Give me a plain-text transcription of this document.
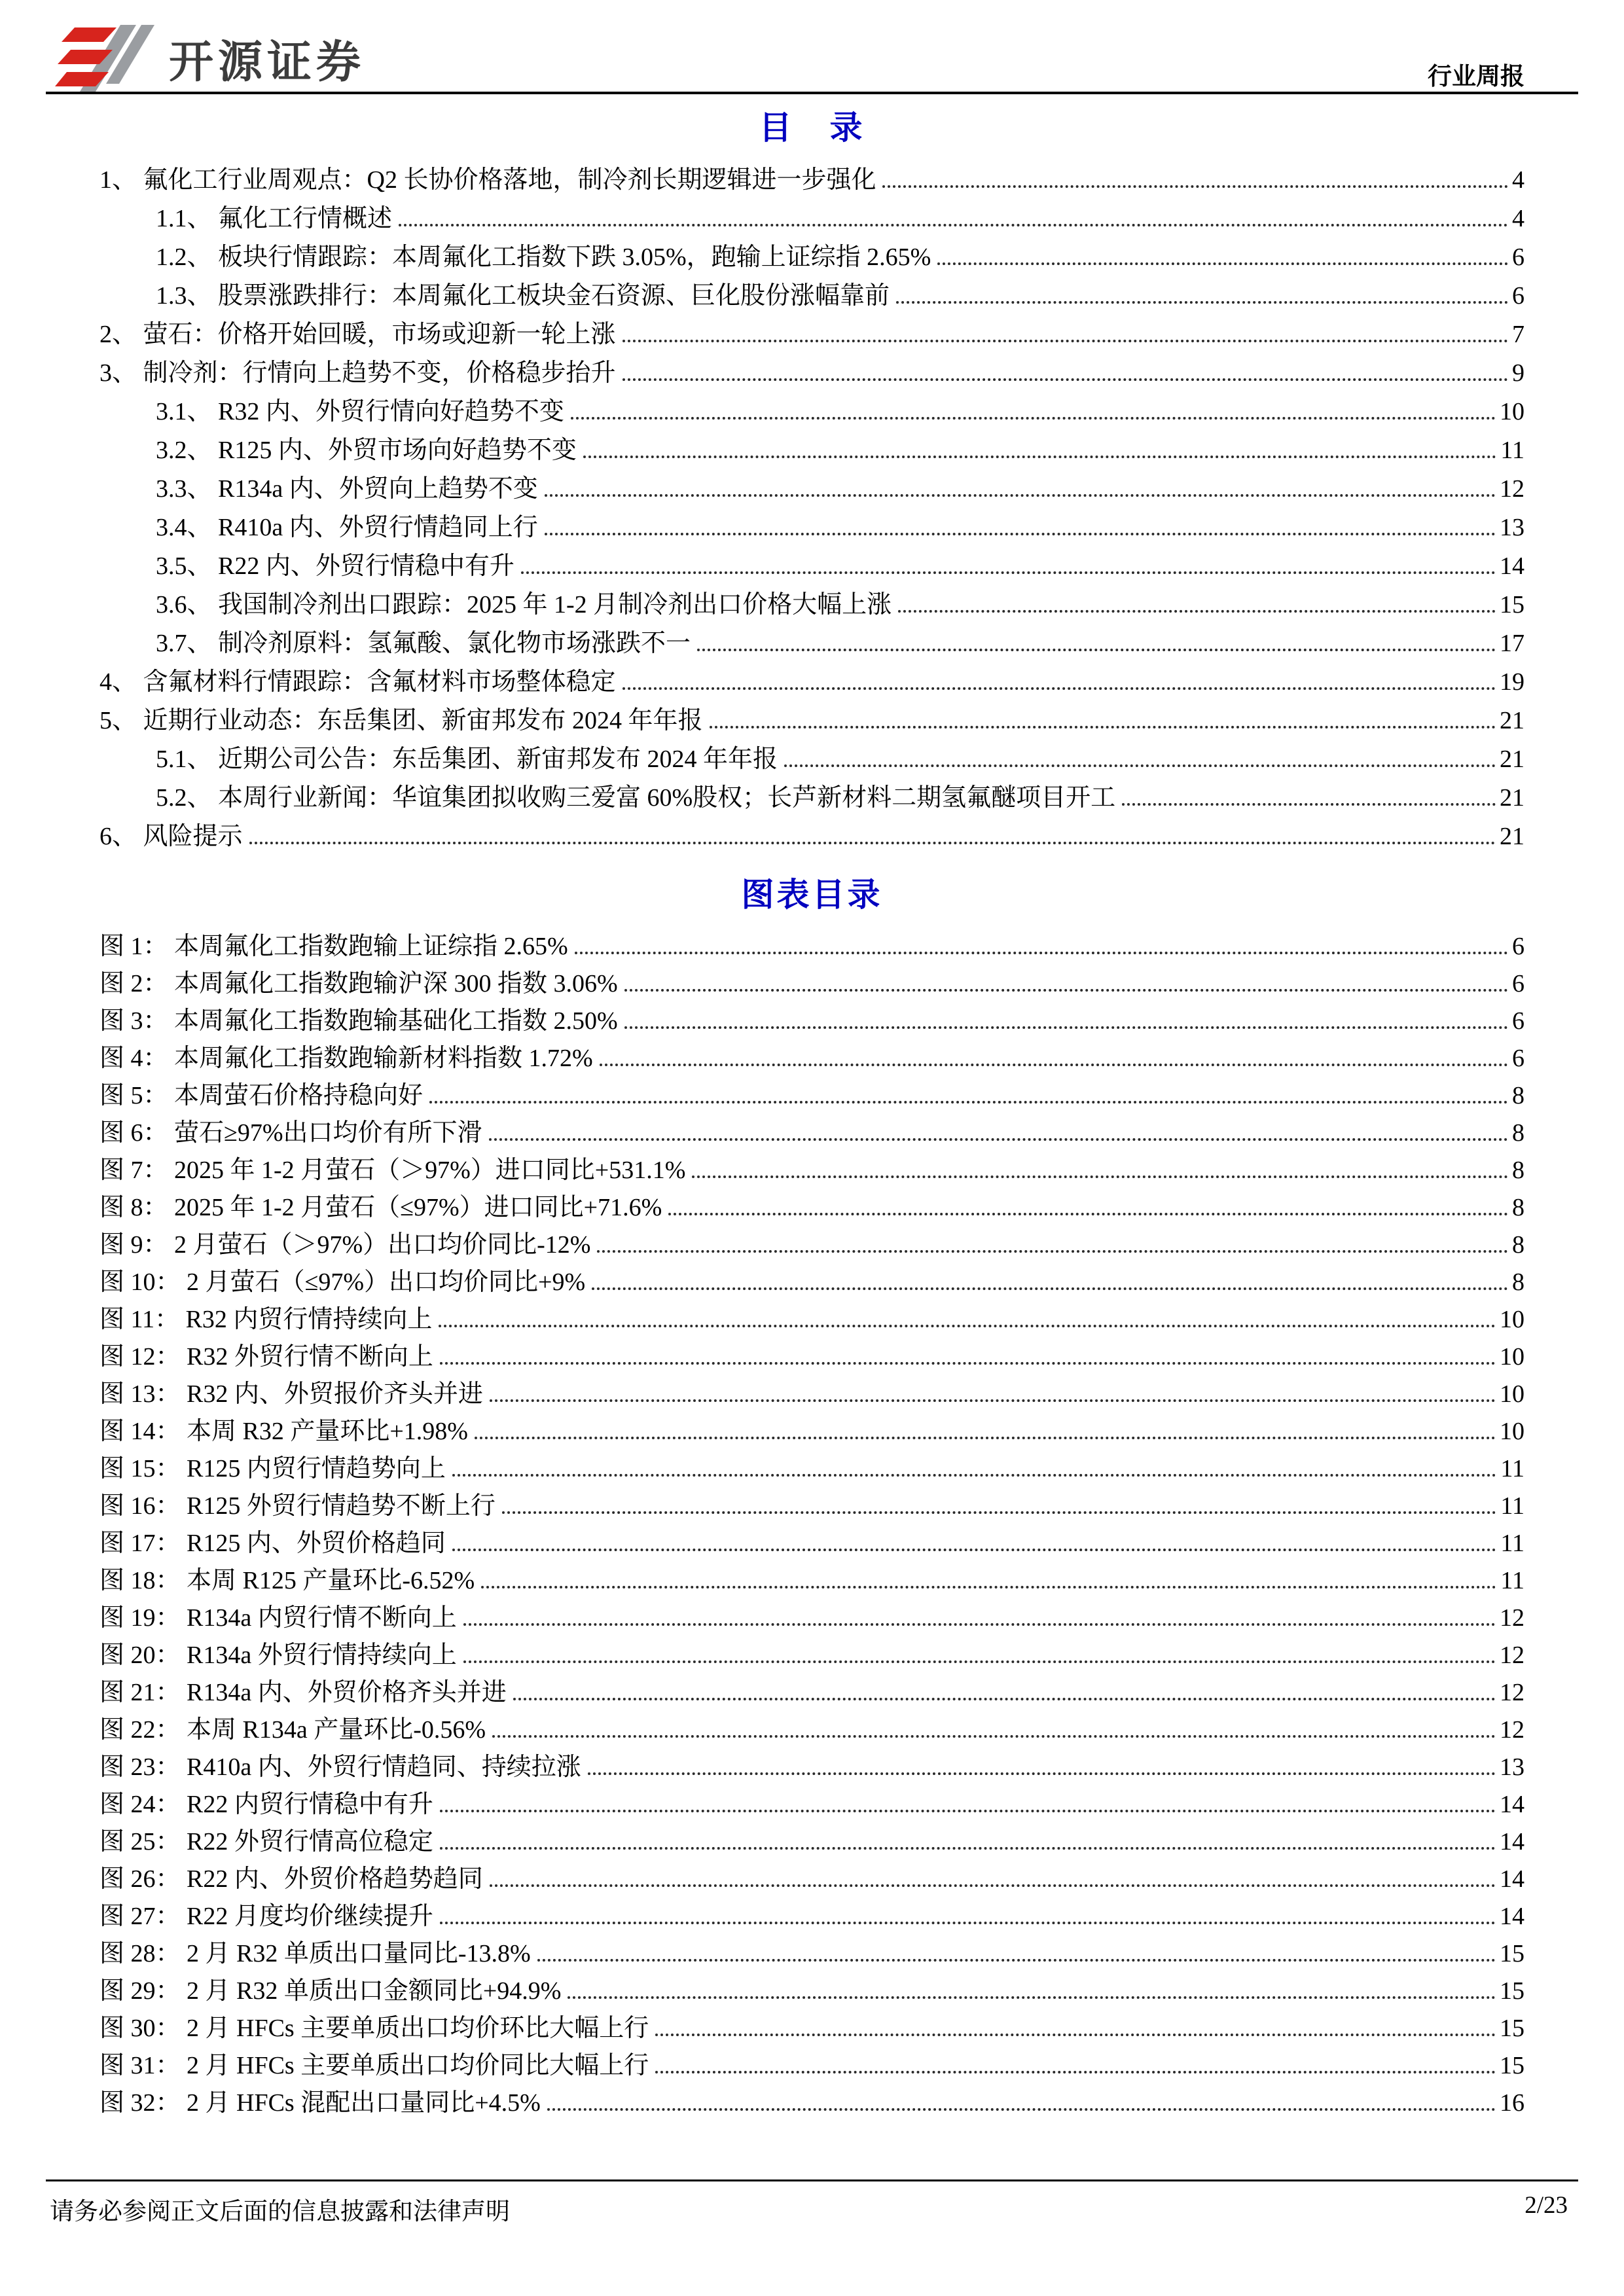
开源证券	行业周报
目　录
1、 氟化工行业周观点：Q2 长协价格落地，制冷剂长期逻辑进一步强化	4
1.1、 氟化工行情概述	4
1.2、 板块行情跟踪：本周氟化工指数下跌 3.05%，跑输上证综指 2.65%	6
1.3、 股票涨跌排行：本周氟化工板块金石资源、巨化股份涨幅靠前	6
2、 萤石：价格开始回暖，市场或迎新一轮上涨	7
3、 制冷剂：行情向上趋势不变，价格稳步抬升	9
3.1、 R32 内、外贸行情向好趋势不变	10
3.2、 R125 内、外贸市场向好趋势不变	11
3.3、 R134a 内、外贸向上趋势不变	12
3.4、 R410a 内、外贸行情趋同上行	13
3.5、 R22 内、外贸行情稳中有升	14
3.6、 我国制冷剂出口跟踪：2025 年 1-2 月制冷剂出口价格大幅上涨	15
3.7、 制冷剂原料：氢氟酸、氯化物市场涨跌不一	17
4、 含氟材料行情跟踪：含氟材料市场整体稳定	19
5、 近期行业动态：东岳集团、新宙邦发布 2024 年年报	21
5.1、 近期公司公告：东岳集团、新宙邦发布 2024 年年报	21
5.2、 本周行业新闻：华谊集团拟收购三爱富 60%股权；长芦新材料二期氢氟醚项目开工	21
6、 风险提示	21
图表目录
图 1： 本周氟化工指数跑输上证综指 2.65%	6
图 2： 本周氟化工指数跑输沪深 300 指数 3.06%	6
图 3： 本周氟化工指数跑输基础化工指数 2.50%	6
图 4： 本周氟化工指数跑输新材料指数 1.72%	6
图 5： 本周萤石价格持稳向好	8
图 6： 萤石≥97%出口均价有所下滑	8
图 7： 2025 年 1-2 月萤石（＞97%）进口同比+531.1%	8
图 8： 2025 年 1-2 月萤石（≤97%）进口同比+71.6%	8
图 9： 2 月萤石（＞97%）出口均价同比-12%	8
图 10： 2 月萤石（≤97%）出口均价同比+9%	8
图 11： R32 内贸行情持续向上	10
图 12： R32 外贸行情不断向上	10
图 13： R32 内、外贸报价齐头并进	10
图 14： 本周 R32 产量环比+1.98%	10
图 15： R125 内贸行情趋势向上	11
图 16： R125 外贸行情趋势不断上行	11
图 17： R125 内、外贸价格趋同	11
图 18： 本周 R125 产量环比-6.52%	11
图 19： R134a 内贸行情不断向上	12
图 20： R134a 外贸行情持续向上	12
图 21： R134a 内、外贸价格齐头并进	12
图 22： 本周 R134a 产量环比-0.56%	12
图 23： R410a 内、外贸行情趋同、持续拉涨	13
图 24： R22 内贸行情稳中有升	14
图 25： R22 外贸行情高位稳定	14
图 26： R22 内、外贸价格趋势趋同	14
图 27： R22 月度均价继续提升	14
图 28： 2 月 R32 单质出口量同比-13.8%	15
图 29： 2 月 R32 单质出口金额同比+94.9%	15
图 30： 2 月 HFCs 主要单质出口均价环比大幅上行	15
图 31： 2 月 HFCs 主要单质出口均价同比大幅上行	15
图 32： 2 月 HFCs 混配出口量同比+4.5%	16
请务必参阅正文后面的信息披露和法律声明	2/23
